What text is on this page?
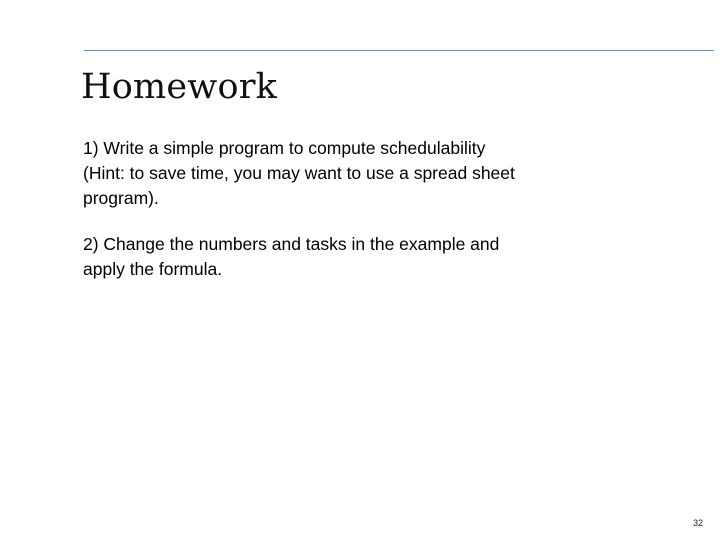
Homework
1) Write a simple program to compute schedulability
(Hint: to save time, you may want to use a spread sheet
program).
2) Change the numbers and tasks in the example and
apply the formula.
32
